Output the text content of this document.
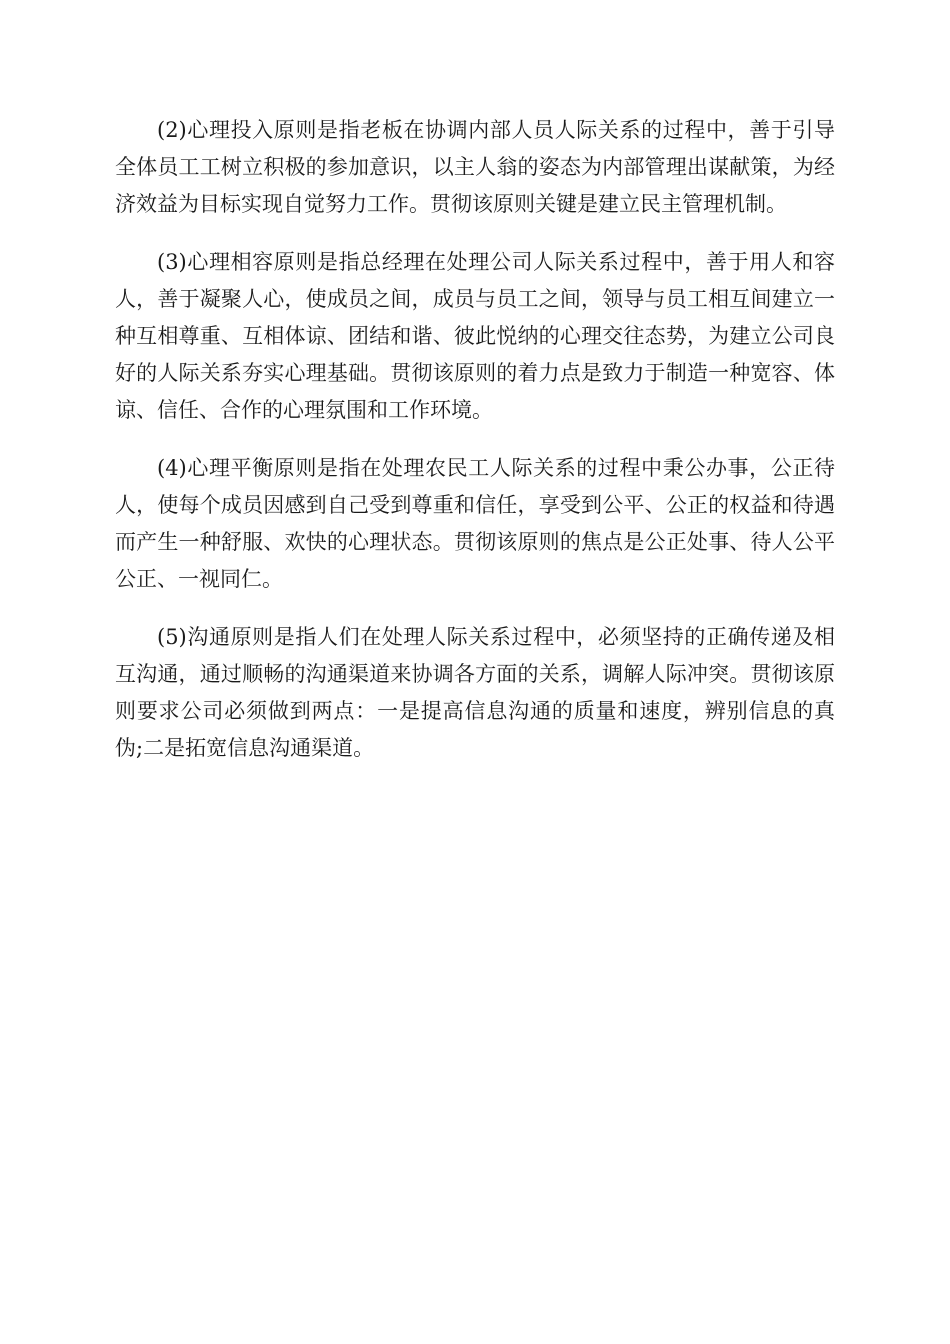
(2)心理投入原则是指老板在协调内部人员人际关系的过程中，善于引导全体员工工树立积极的参加意识，以主人翁的姿态为内部管理出谋献策，为经济效益为目标实现自觉努力工作。贯彻该原则关键是建立民主管理机制。

(3)心理相容原则是指总经理在处理公司人际关系过程中，善于用人和容人，善于凝聚人心，使成员之间，成员与员工之间，领导与员工相互间建立一种互相尊重、互相体谅、团结和谐、彼此悦纳的心理交往态势，为建立公司良好的人际关系夯实心理基础。贯彻该原则的着力点是致力于制造一种宽容、体谅、信任、合作的心理氛围和工作环境。

(4)心理平衡原则是指在处理农民工人际关系的过程中秉公办事，公正待人，使每个成员因感到自己受到尊重和信任，享受到公平、公正的权益和待遇而产生一种舒服、欢快的心理状态。贯彻该原则的焦点是公正处事、待人公平公正、一视同仁。

(5)沟通原则是指人们在处理人际关系过程中，必须坚持的正确传递及相互沟通，通过顺畅的沟通渠道来协调各方面的关系，调解人际冲突。贯彻该原则要求公司必须做到两点：一是提高信息沟通的质量和速度，辨别信息的真伪;二是拓宽信息沟通渠道。
